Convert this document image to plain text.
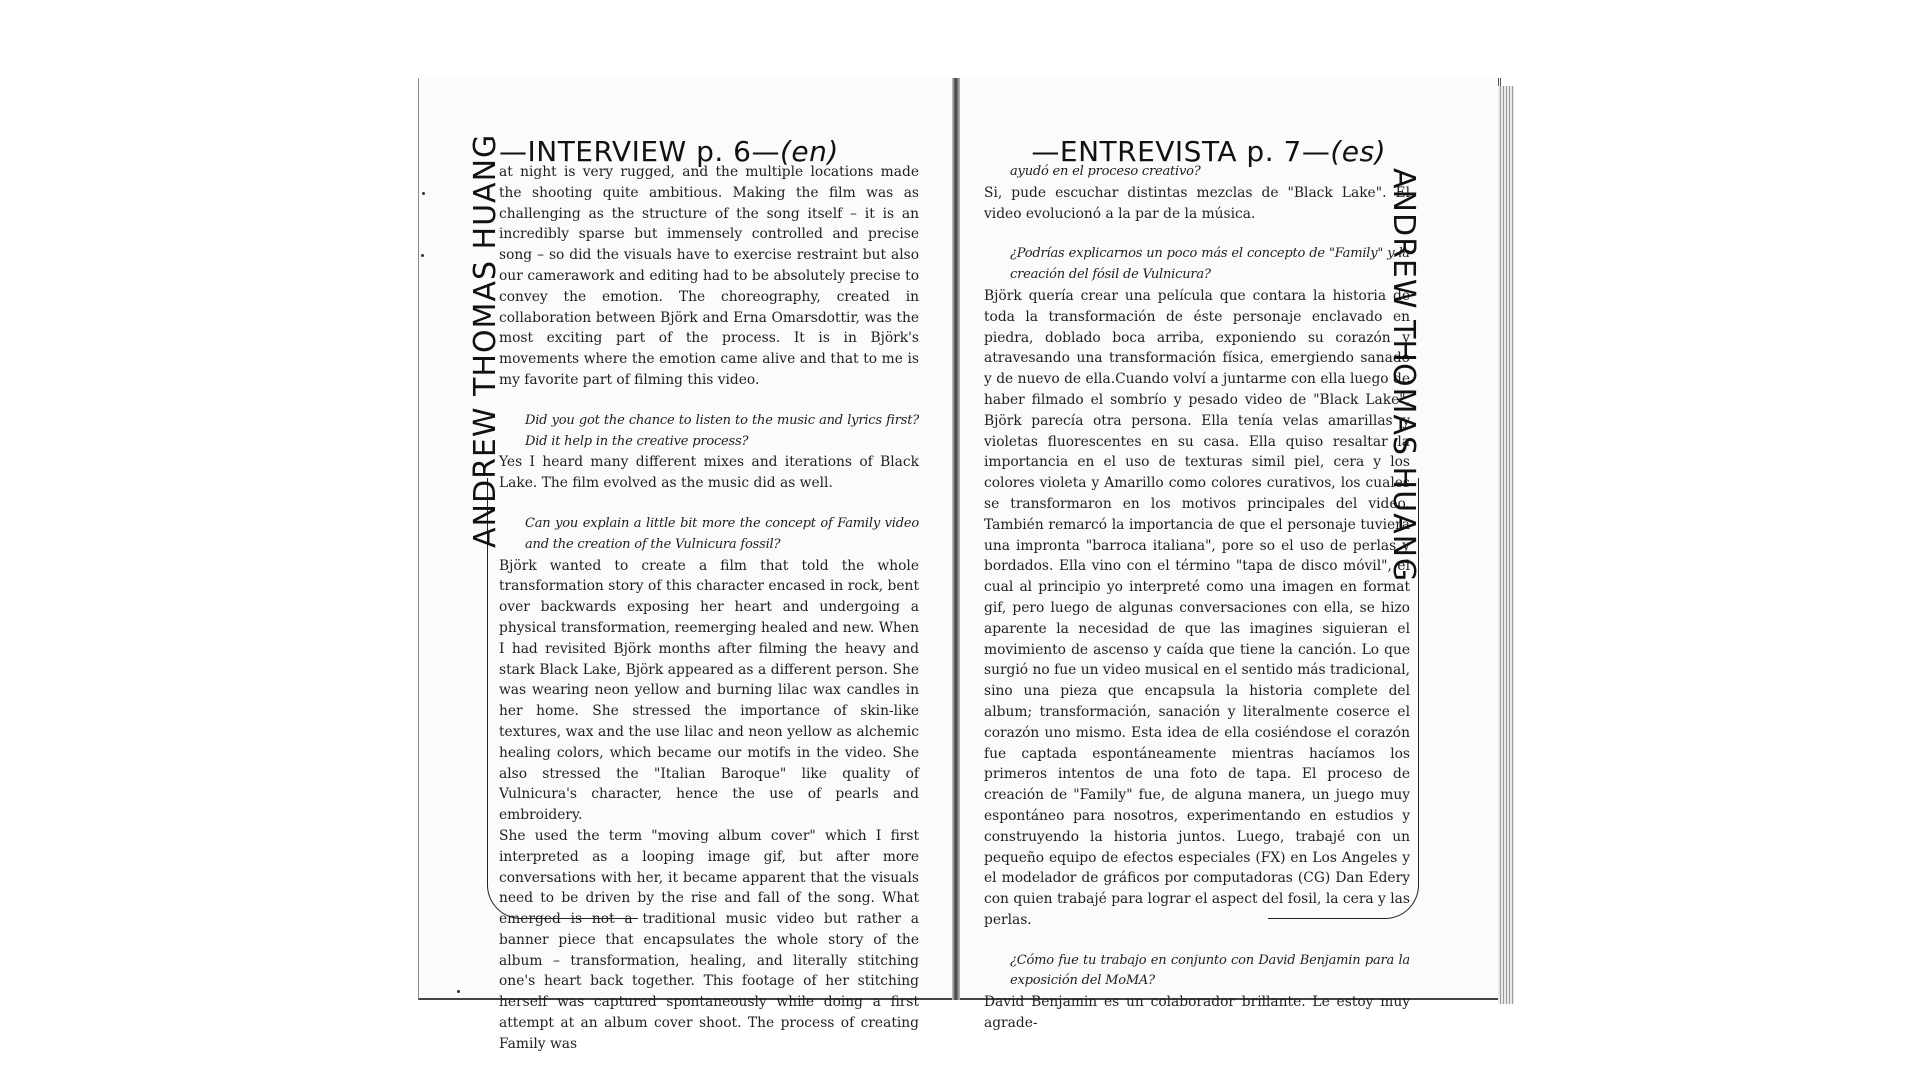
—INTERVIEW p. 6—(en)
ANDREW THOMAS HUANG

at night is very rugged, and the multiple locations made the shooting quite ambitious. Making the film was as challenging as the structure of the song itself – it is an incredibly sparse but immensely controlled and precise song – so did the visuals have to exercise restraint but also our camerawork and editing had to be absolutely precise to convey the emotion. The choreography, created in collaboration between Björk and Erna Omarsdottir, was the most exciting part of the process. It is in Björk's movements where the emotion came alive and that to me is my favorite part of filming this video.

Did you got the chance to listen to the music and lyrics first? Did it help in the creative process?

Yes I heard many different mixes and iterations of Black Lake. The film evolved as the music did as well.

Can you explain a little bit more the concept of Family video and the creation of the Vulnicura fossil?

Björk wanted to create a film that told the whole transformation story of this character encased in rock, bent over backwards exposing her heart and undergoing a physical transformation, reemerging healed and new. When I had revisited Björk months after filming the heavy and stark Black Lake, Björk appeared as a different person. She was wearing neon yellow and burning lilac wax candles in her home. She stressed the importance of skin-like textures, wax and the use lilac and neon yellow as alchemic healing colors, which became our motifs in the video. She also stressed the "Italian Baroque" like quality of Vulnicura's character, hence the use of pearls and embroidery.

She used the term "moving album cover" which I first interpreted as a looping image gif, but after more conversations with her, it became apparent that the visuals need to be driven by the rise and fall of the song. What emerged is not a traditional music video but rather a banner piece that encapsulates the whole story of the album – transformation, healing, and literally stitching one's heart back together. This footage of her stitching herself was captured spontaneously while doing a first attempt at an album cover shoot. The process of creating Family was

—ENTREVISTA p. 7—(es)

ayudó en el proceso creativo?

Si, pude escuchar distintas mezclas de "Black Lake". El video evolucionó a la par de la música.

¿Podrías explicarnos un poco más el concepto de "Family" y la creación del fósil de Vulnicura?

Björk quería crear una película que contara la historia de toda la transformación de éste personaje enclavado en piedra, doblado boca arriba, exponiendo su corazón y atravesando una transformación física, emergiendo sanado y de nuevo de ella.Cuando volví a juntarme con ella luego de haber filmado el sombrío y pesado video de "Black Lake", Björk parecía otra persona. Ella tenía velas amarillas y violetas fluorescentes en su casa. Ella quiso resaltar la importancia en el uso de texturas simil piel, cera y los colores violeta y Amarillo como colores curativos, los cuales se transformaron en los motivos principales del video. También remarcó la importancia de que el personaje tuviera una impronta "barroca italiana", pore so el uso de perlas y bordados. Ella vino con el término "tapa de disco móvil", el cual al principio yo interpreté como una imagen en format gif, pero luego de algunas conversaciones con ella, se hizo aparente la necesidad de que las imagines siguieran el movimiento de ascenso y caída que tiene la canción. Lo que surgió no fue un video musical en el sentido más tradicional, sino una pieza que encapsula la historia complete del album; transformación, sanación y literalmente coserce el corazón uno mismo. Esta idea de ella cosiéndose el corazón fue captada espontáneamente mientras hacíamos los primeros intentos de una foto de tapa. El proceso de creación de "Family" fue, de alguna manera, un juego muy espontáneo para nosotros, experimentando en estudios y construyendo la historia juntos. Luego, trabajé con un pequeño equipo de efectos especiales (FX) en Los Angeles y el modelador de gráficos por computadoras (CG) Dan Edery con quien trabajé para lograr el aspect del fosil, la cera y las perlas.

¿Cómo fue tu trabajo en conjunto con David Benjamin para la exposición del MoMA?

David Benjamin es un colaborador brillante. Le estoy muy agrade-

ANDREW THOMAS HUANG
